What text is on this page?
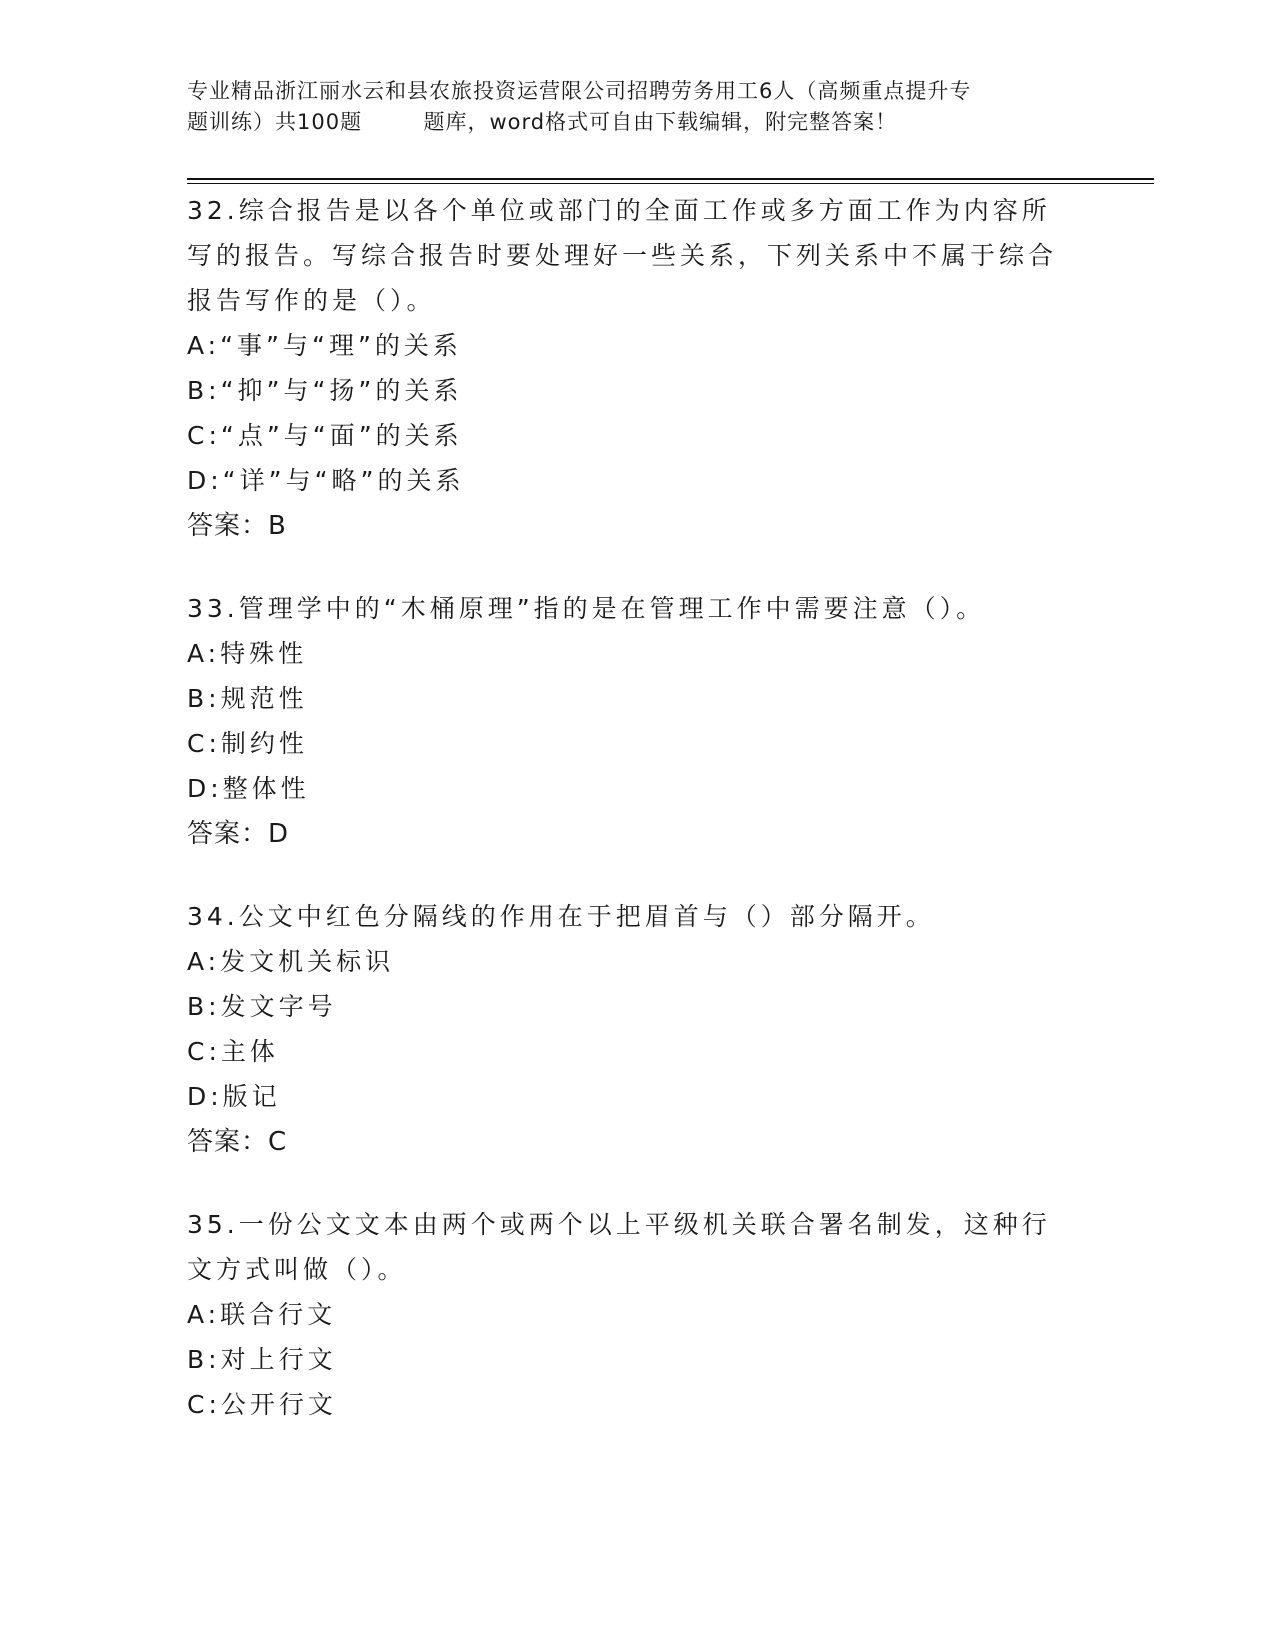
专业精品浙江丽水云和县农旅投资运营限公司招聘劳务用工6人（高频重点提升专
题训练）共100题        题库，word格式可自由下载编辑，附完整答案！
32.综合报告是以各个单位或部门的全面工作或多方面工作为内容所写的报告。写综合报告时要处理好一些关系，下列关系中不属于综合报告写作的是（）。
A:“事”与“理”的关系
B:“抑”与“扬”的关系
C:“点”与“面”的关系
D:“详”与“略”的关系
答案：B
33.管理学中的“木桶原理”指的是在管理工作中需要注意（）。
A:特殊性
B:规范性
C:制约性
D:整体性
答案：D
34.公文中红色分隔线的作用在于把眉首与（）部分隔开。
A:发文机关标识
B:发文字号
C:主体
D:版记
答案：C
35.一份公文文本由两个或两个以上平级机关联合署名制发，这种行文方式叫做（）。
A:联合行文
B:对上行文
C:公开行文
